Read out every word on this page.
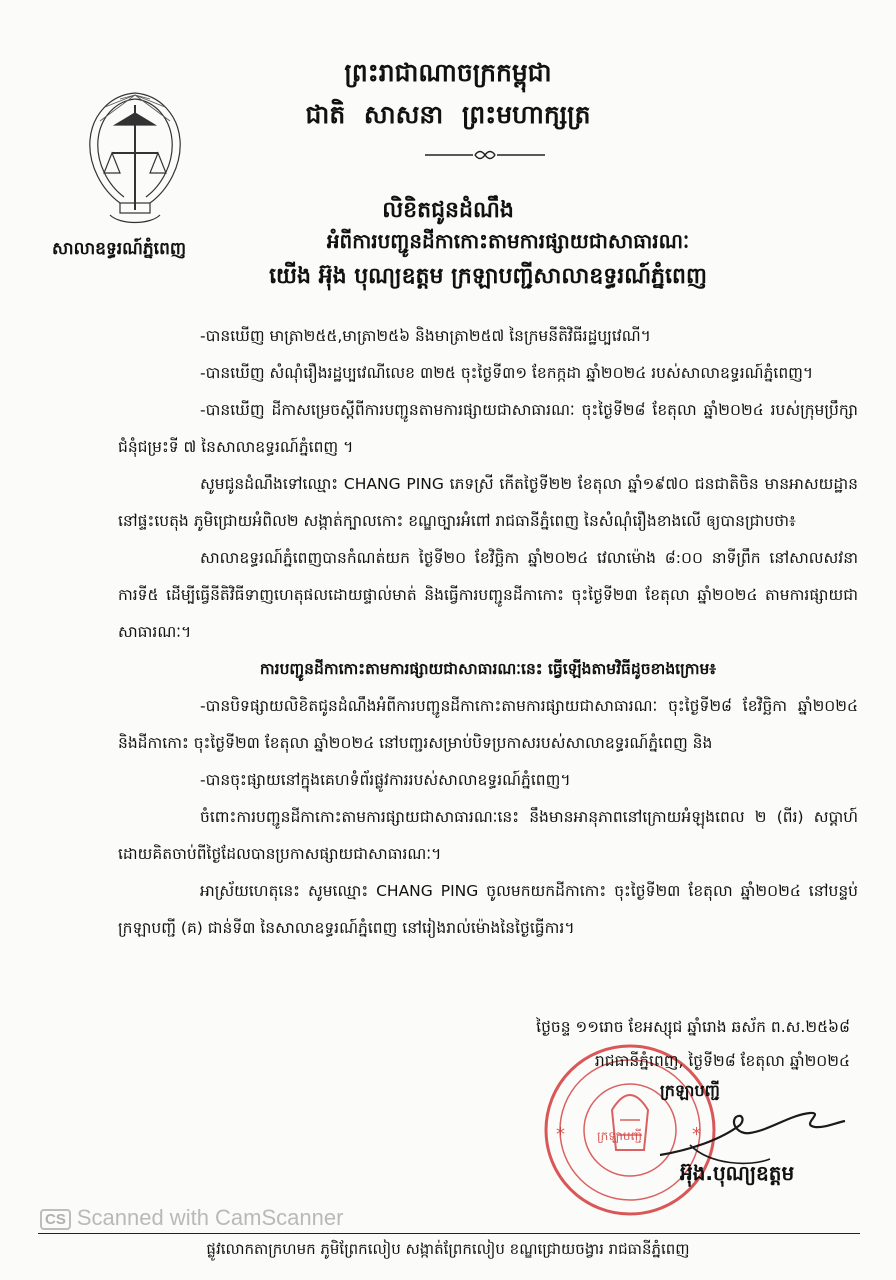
សាលាឧទ្ធរណ៍ភ្នំពេញ
ព្រះរាជាណាចក្រកម្ពុជា
ជាតិ សាសនា ព្រះមហាក្សត្រ
លិខិតជូនដំណឹង
អំពីការបញ្ជូនដីកាកោះតាមការផ្សាយជាសាធារណៈ
យើង អ៊ុង បុណ្យឧត្តម ក្រឡាបញ្ជីសាលាឧទ្ធរណ៍ភ្នំពេញ

-បានឃើញ មាត្រា២៥៥,មាត្រា២៥៦ និងមាត្រា២៥៧ នៃក្រមនីតិវិធីរដ្ឋប្បវេណី។

-បានឃើញ សំណុំរឿងរដ្ឋប្បវេណីលេខ ៣២៥ ចុះថ្ងៃទី៣១ ខែកក្កដា ឆ្នាំ២០២៤ របស់សាលាឧទ្ធរណ៍ភ្នំពេញ។

-បានឃើញ ដីកាសម្រេចស្ដីពីការបញ្ជូនតាមការផ្សាយជាសាធារណៈ ចុះថ្ងៃទី២៨ ខែតុលា ឆ្នាំ២០២៤ របស់ក្រុមប្រឹក្សាជំនុំជម្រះទី ៧ នៃសាលាឧទ្ធរណ៍ភ្នំពេញ ។

សូមជូនដំណឹងទៅឈ្មោះ CHANG PING ភេទស្រី កើតថ្ងៃទី២២ ខែតុលា ឆ្នាំ១៩៧០ ជនជាតិចិន មានអាសយដ្ឋាននៅផ្ទះបេតុង ភូមិជ្រោយអំពិល២ សង្កាត់ក្បាលកោះ ខណ្ឌច្បារអំពៅ រាជធានីភ្នំពេញ នៃសំណុំរឿងខាងលើ ឲ្យបានជ្រាបថា៖

សាលាឧទ្ធរណ៍ភ្នំពេញបានកំណត់យក ថ្ងៃទី២០ ខែវិច្ឆិកា ឆ្នាំ២០២៤ វេលាម៉ោង ៨:០០ នាទីព្រឹក នៅសាលសវនាការទី៥ ដើម្បីធ្វើនីតិវិធីទាញហេតុផលដោយផ្ទាល់មាត់ និងធ្វើការបញ្ជូនដីកាកោះ ចុះថ្ងៃទី២៣ ខែតុលា ឆ្នាំ២០២៤ តាមការផ្សាយជាសាធារណៈ។

ការបញ្ជូនដីកាកោះតាមការផ្សាយជាសាធារណៈនេះ ធ្វើឡើងតាមវិធីដូចខាងក្រោម៖

-បានបិទផ្សាយលិខិតជូនដំណឹងអំពីការបញ្ជូនដីកាកោះតាមការផ្សាយជាសាធារណៈ ចុះថ្ងៃទី២៨ ខែវិច្ឆិកា ឆ្នាំ២០២៤ និងដីកាកោះ ចុះថ្ងៃទី២៣ ខែតុលា ឆ្នាំ២០២៤ នៅបញ្ជរសម្រាប់បិទប្រកាសរបស់សាលាឧទ្ធរណ៍ភ្នំពេញ និង

-បានចុះផ្សាយនៅក្នុងគេហទំព័រផ្លូវការរបស់សាលាឧទ្ធរណ៍ភ្នំពេញ។

ចំពោះការបញ្ជូនដីកាកោះតាមការផ្សាយជាសាធារណៈនេះ នឹងមានអានុភាពនៅក្រោយអំឡុងពេល ២ (ពីរ) សប្ដាហ៍ ដោយគិតចាប់ពីថ្ងៃដែលបានប្រកាសផ្សាយជាសាធារណៈ។

អាស្រ័យហេតុនេះ សូមឈ្មោះ CHANG PING ចូលមកយកដីកាកោះ ចុះថ្ងៃទី២៣ ខែតុលា ឆ្នាំ២០២៤ នៅបន្ទប់ក្រឡាបញ្ជី (គ) ជាន់ទី៣ នៃសាលាឧទ្ធរណ៍ភ្នំពេញ នៅរៀងរាល់ម៉ោងនៃថ្ងៃធ្វើការ។

*	*
ក្រឡាបញ្ជី
ថ្ងៃចន្ទ ១១រោច ខែអស្សុជ ឆ្នាំរោង ឆស័ក ព.ស.២៥៦៨
រាជធានីភ្នំពេញ, ថ្ងៃទី២៨ ខែតុលា ឆ្នាំ២០២៤
ក្រឡាបញ្ជី
អ៊ុង.បុណ្យឧត្តម
CS Scanned with CamScanner
ផ្លូវលោកតាក្រហមក ភូមិព្រែកលៀប សង្កាត់ព្រែកលៀប ខណ្ឌជ្រោយចង្វារ រាជធានីភ្នំពេញ
